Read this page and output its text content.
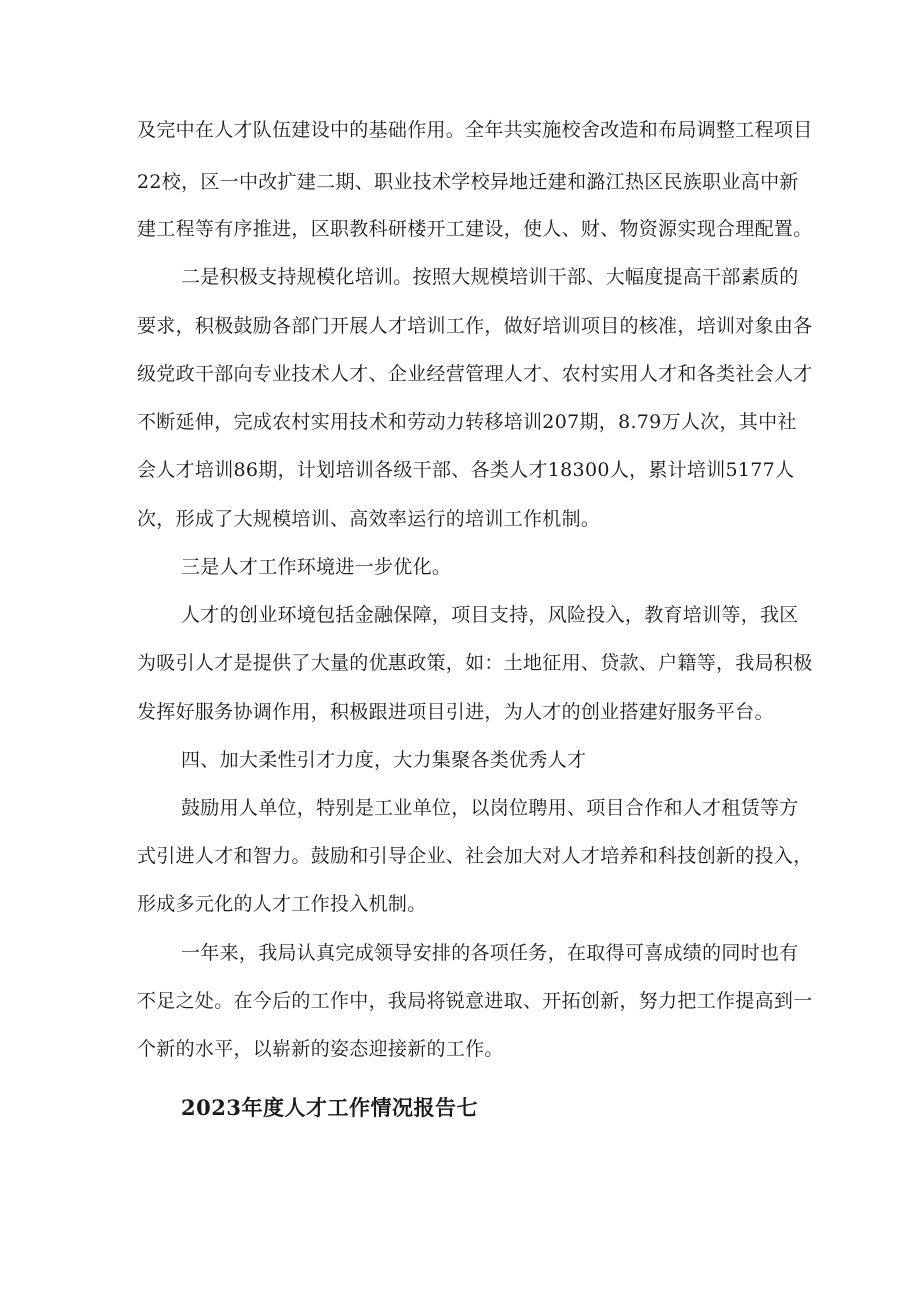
及完中在人才队伍建设中的基础作用。全年共实施校舍改造和布局调整工程项目
22校，区一中改扩建二期、职业技术学校异地迁建和潞江热区民族职业高中新
建工程等有序推进，区职教科研楼开工建设，使人、财、物资源实现合理配置。
二是积极支持规模化培训。按照大规模培训干部、大幅度提高干部素质的
要求，积极鼓励各部门开展人才培训工作，做好培训项目的核准，培训对象由各
级党政干部向专业技术人才、企业经营管理人才、农村实用人才和各类社会人才
不断延伸，完成农村实用技术和劳动力转移培训207期，8.79万人次，其中社
会人才培训86期，计划培训各级干部、各类人才18300人，累计培训5177人
次，形成了大规模培训、高效率运行的培训工作机制。
三是人才工作环境进一步优化。
人才的创业环境包括金融保障，项目支持，风险投入，教育培训等，我区
为吸引人才是提供了大量的优惠政策，如：土地征用、贷款、户籍等，我局积极
发挥好服务协调作用，积极跟进项目引进，为人才的创业搭建好服务平台。
四、加大柔性引才力度，大力集聚各类优秀人才
鼓励用人单位，特别是工业单位，以岗位聘用、项目合作和人才租赁等方
式引进人才和智力。鼓励和引导企业、社会加大对人才培养和科技创新的投入，
形成多元化的人才工作投入机制。
一年来，我局认真完成领导安排的各项任务，在取得可喜成绩的同时也有
不足之处。在今后的工作中，我局将锐意进取、开拓创新，努力把工作提高到一
个新的水平，以崭新的姿态迎接新的工作。
2023年度人才工作情况报告七
